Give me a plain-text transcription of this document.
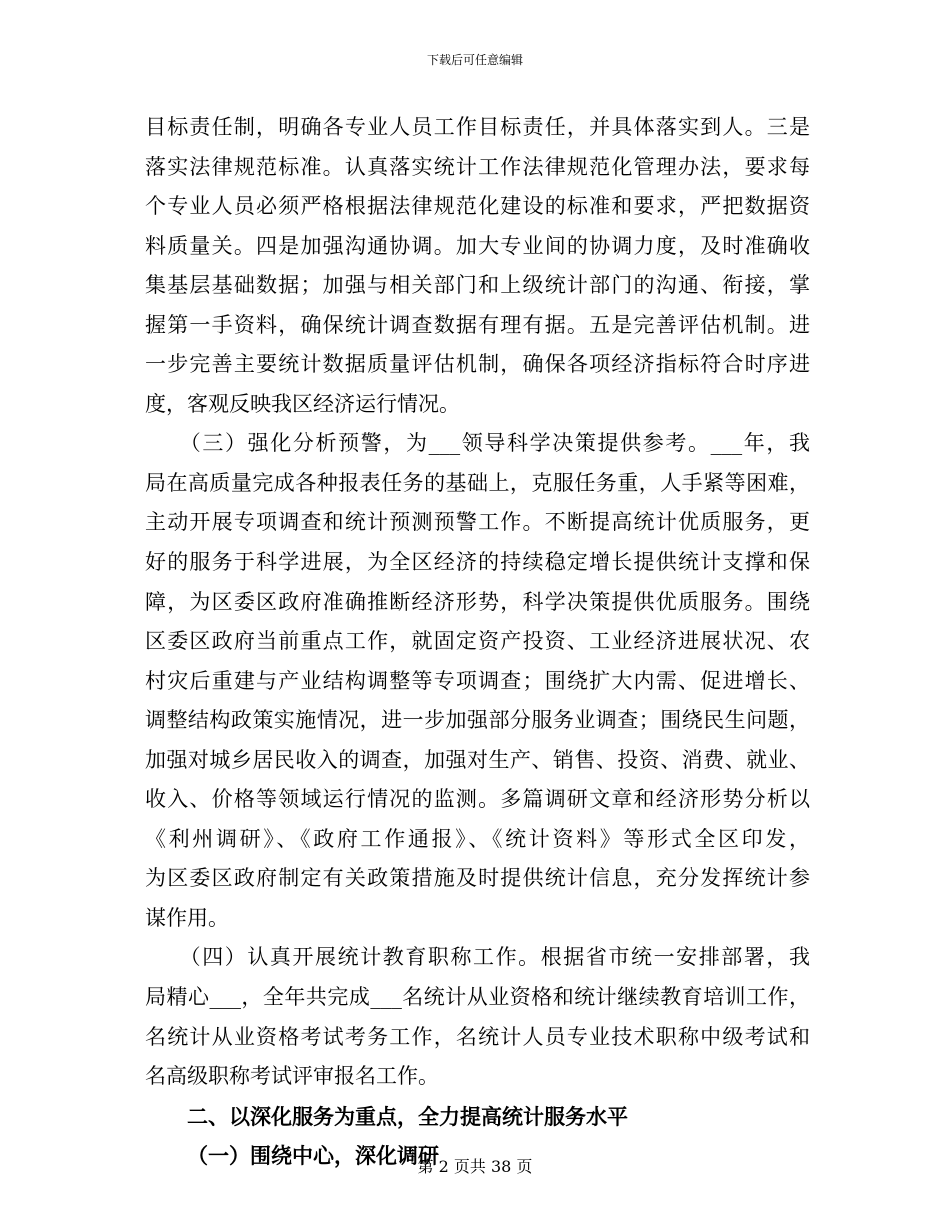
下载后可任意编辑
目标责任制，明确各专业人员工作目标责任，并具体落实到人。三是
落实法律规范标准。认真落实统计工作法律规范化管理办法，要求每
个专业人员必须严格根据法律规范化建设的标准和要求，严把数据资
料质量关。四是加强沟通协调。加大专业间的协调力度，及时准确收
集基层基础数据；加强与相关部门和上级统计部门的沟通、衔接，掌
握第一手资料，确保统计调查数据有理有据。五是完善评估机制。进
一步完善主要统计数据质量评估机制，确保各项经济指标符合时序进
度，客观反映我区经济运行情况。
　　（三）强化分析预警，为___领导科学决策提供参考。___年，我
局在高质量完成各种报表任务的基础上，克服任务重，人手紧等困难，
主动开展专项调查和统计预测预警工作。不断提高统计优质服务，更
好的服务于科学进展，为全区经济的持续稳定增长提供统计支撑和保
障，为区委区政府准确推断经济形势，科学决策提供优质服务。围绕
区委区政府当前重点工作，就固定资产投资、工业经济进展状况、农
村灾后重建与产业结构调整等专项调查；围绕扩大内需、促进增长、
调整结构政策实施情况，进一步加强部分服务业调查；围绕民生问题，
加强对城乡居民收入的调查，加强对生产、销售、投资、消费、就业、
收入、价格等领域运行情况的监测。多篇调研文章和经济形势分析以
《利州调研》、《政府工作通报》、《统计资料》等形式全区印发，
为区委区政府制定有关政策措施及时提供统计信息，充分发挥统计参
谋作用。
　　（四）认真开展统计教育职称工作。根据省市统一安排部署，我
局精心___，全年共完成___名统计从业资格和统计继续教育培训工作，
名统计从业资格考试考务工作，名统计人员专业技术职称中级考试和
名高级职称考试评审报名工作。
二、以深化服务为重点，全力提高统计服务水平
（一）围绕中心，深化调研
第 2 页共 38 页
